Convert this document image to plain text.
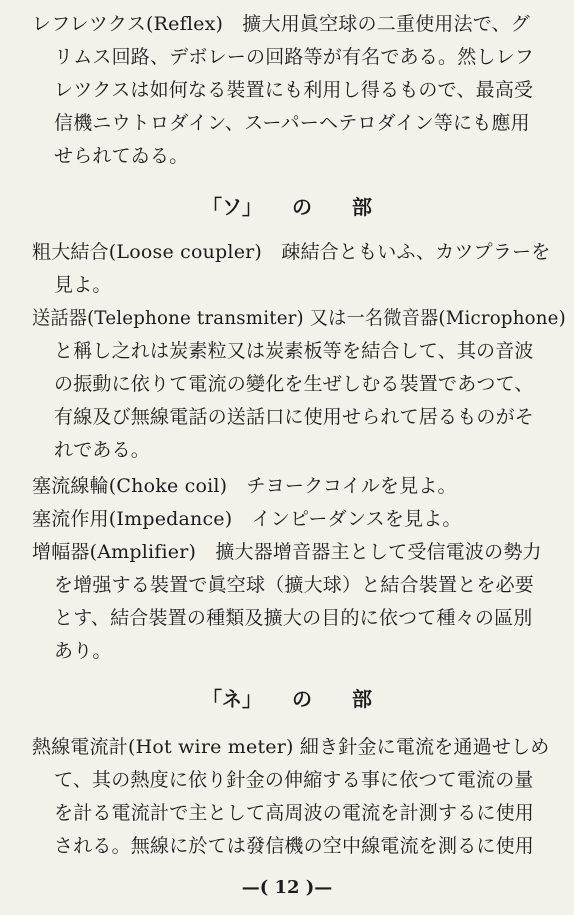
レフレツクス(Reflex)　擴大用眞空球の二重使用法で、グ
リムス回路、デボレーの回路等が有名である。然しレフ
レツクスは如何なる裝置にも利用し得るもので、最高受
信機ニウトロダイン、スーパーヘテロダイン等にも應用
せられてゐる。
「ソ」　　の　　部
粗大結合(Loose coupler)　疎結合ともいふ、カツプラーを
見よ。
送話器(Telephone transmiter) 又は一名微音器(Microphone)
と稱し之れは炭素粒又は炭素板等を結合して、其の音波
の振動に依りて電流の變化を生ぜしむる裝置であつて、
有線及び無線電話の送話口に使用せられて居るものがそ
れである。
塞流線輪(Choke coil)　チヨークコイルを見よ。
塞流作用(Impedance)　インピーダンスを見よ。
增幅器(Amplifier)　擴大器增音器主として受信電波の勢力
を增强する裝置で眞空球（擴大球）と結合裝置とを必要
とす、結合裝置の種類及擴大の目的に依つて種々の區別
あり。
「ネ」　　の　　部
熱線電流計(Hot wire meter) 細き針金に電流を通過せしめ
て、其の熱度に依り針金の伸縮する事に依つて電流の量
を計る電流計で主として高周波の電流を計測するに使用
される。無線に於ては發信機の空中線電流を測るに使用
—( 12 )—
